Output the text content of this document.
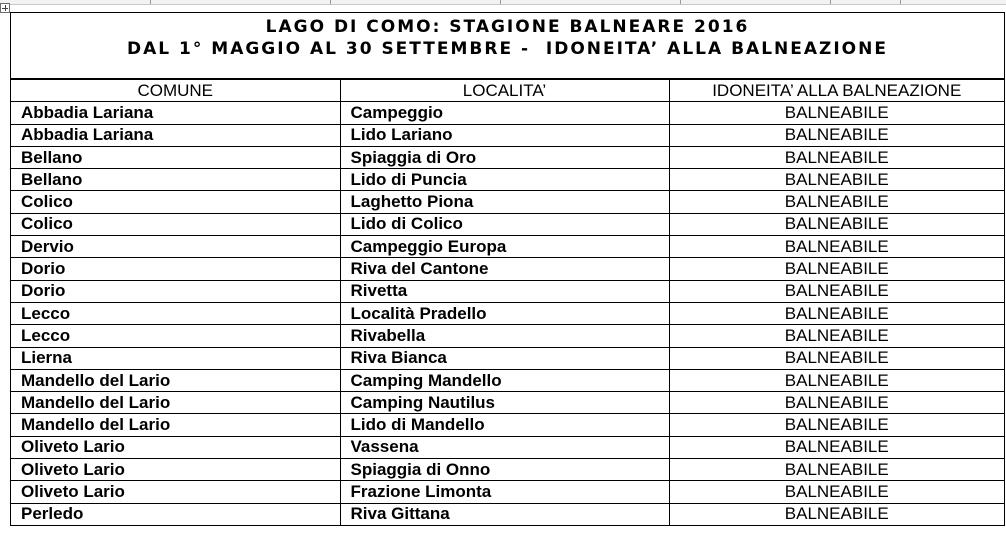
LAGO DI COMO: STAGIONE BALNEARE 2016
DAL 1° MAGGIO AL 30 SETTEMBRE -  IDONEITA’ ALLA BALNEAZIONE
COMUNE	LOCALITA’	IDONEITA’ ALLA BALNEAZIONE
Abbadia Lariana	Campeggio	BALNEABILE
Abbadia Lariana	Lido Lariano	BALNEABILE
Bellano	Spiaggia di Oro	BALNEABILE
Bellano	Lido di Puncia	BALNEABILE
Colico	Laghetto Piona	BALNEABILE
Colico	Lido di Colico	BALNEABILE
Dervio	Campeggio Europa	BALNEABILE
Dorio	Riva del Cantone	BALNEABILE
Dorio	Rivetta	BALNEABILE
Lecco	Località Pradello	BALNEABILE
Lecco	Rivabella	BALNEABILE
Lierna	Riva Bianca	BALNEABILE
Mandello del Lario	Camping Mandello	BALNEABILE
Mandello del Lario	Camping Nautilus	BALNEABILE
Mandello del Lario	Lido di Mandello	BALNEABILE
Oliveto Lario	Vassena	BALNEABILE
Oliveto Lario	Spiaggia di Onno	BALNEABILE
Oliveto Lario	Frazione Limonta	BALNEABILE
Perledo	Riva Gittana	BALNEABILE
